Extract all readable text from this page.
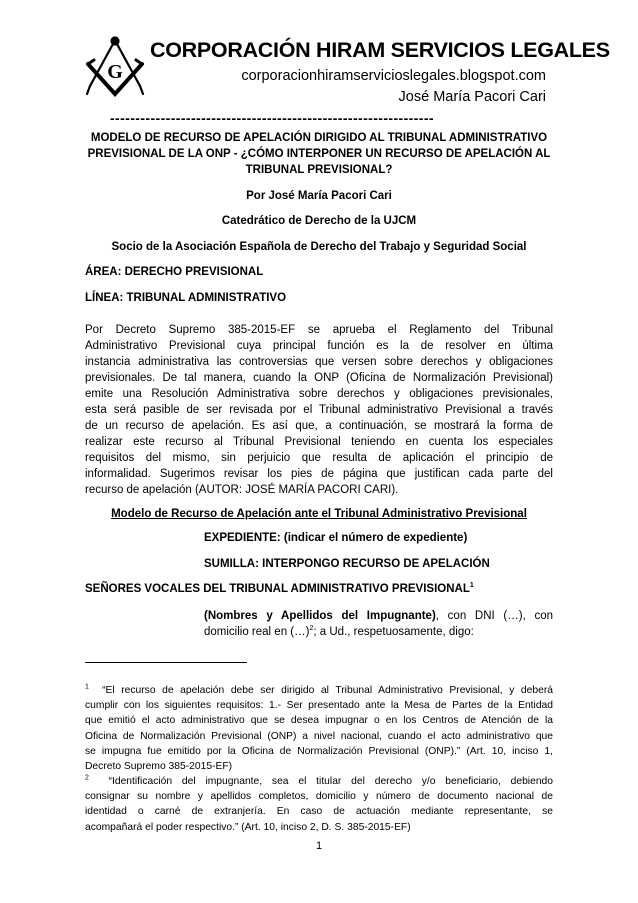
G
CORPORACIÓN HIRAM SERVICIOS LEGALES
corporacionhiramservicioslegales.blogspot.com
José María Pacori Cari
----------------------------------------------------------------
MODELO DE RECURSO DE APELACIÓN DIRIGIDO AL TRIBUNAL ADMINISTRATIVO
PREVISIONAL DE LA ONP - ¿CÓMO INTERPONER UN RECURSO DE APELACIÓN AL
TRIBUNAL PREVISIONAL?
Por José María Pacori Cari
Catedrático de Derecho de la UJCM
Socio de la Asociación Española de Derecho del Trabajo y Seguridad Social
ÁREA: DERECHO PREVISIONAL
LÍNEA: TRIBUNAL ADMINISTRATIVO
Por Decreto Supremo 385-2015-EF se aprueba el Reglamento del Tribunal
Administrativo Previsional cuya principal función es la de resolver en última
instancia administrativa las controversias que versen sobre derechos y obligaciones
previsionales. De tal manera, cuando la ONP (Oficina de Normalización Previsional)
emite una Resolución Administrativa sobre derechos y obligaciones previsionales,
esta será pasible de ser revisada por el Tribunal administrativo Previsional a través
de un recurso de apelación. Es así que, a continuación, se mostrará la forma de
realizar este recurso al Tribunal Previsional teniendo en cuenta los especiales
requisitos del mismo, sin perjuicio que resulta de aplicación el principio de
informalidad. Sugerimos revisar los pies de página que justifican cada parte del
recurso de apelación (AUTOR: JOSÉ MARÍA PACORI CARI).
Modelo de Recurso de Apelación ante el Tribunal Administrativo Previsional
EXPEDIENTE: (indicar el número de expediente)
SUMILLA: INTERPONGO RECURSO DE APELACIÓN
SEÑORES VOCALES DEL TRIBUNAL ADMINISTRATIVO PREVISIONAL$^1$
(Nombres y Apellidos del Impugnante), con DNI (…), con
domicilio real en (…)$^2$; a Ud., respetuosamente, digo:
$^1$ “El recurso de apelación debe ser dirigido al Tribunal Administrativo Previsional, y deberá
cumplir con los siguientes requisitos: 1.- Ser presentado ante la Mesa de Partes de la Entidad
que emitió el acto administrativo que se desea impugnar o en los Centros de Atención de la
Oficina de Normalización Previsional (ONP) a nivel nacional, cuando el acto administrativo que
se impugna fue emitido por la Oficina de Normalización Previsional (ONP).” (Art. 10, inciso 1,
Decreto Supremo 385-2015-EF)
$^2$ “Identificación del impugnante, sea el titular del derecho y/o beneficiario, debiendo
consignar su nombre y apellidos completos, domicilio y número de documento nacional de
identidad o carné de extranjería. En caso de actuación mediante representante, se
acompañará el poder respectivo.” (Art. 10, inciso 2, D. S. 385-2015-EF)
1
